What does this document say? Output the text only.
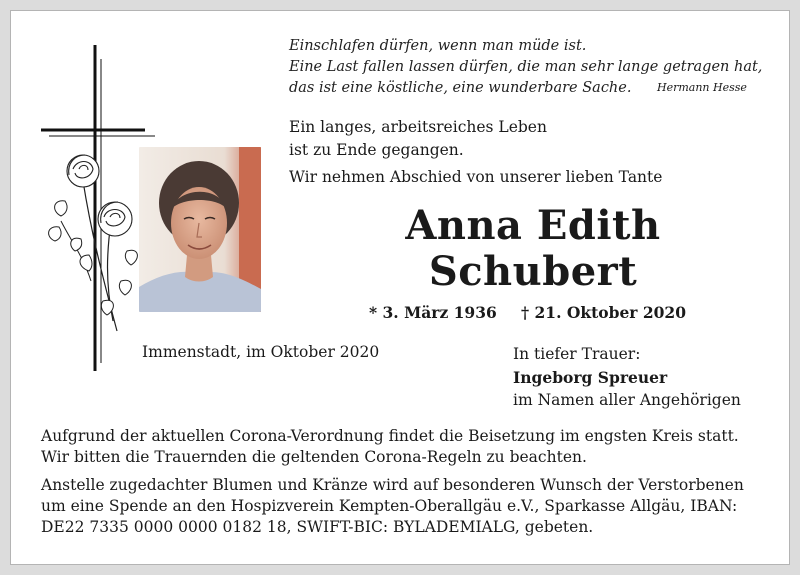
Einschlafen dürfen, wenn man müde ist.
Eine Last fallen lassen dürfen, die man sehr lange getragen hat,
das ist eine köstliche, eine wunderbare Sache. Hermann Hesse
Ein langes, arbeitsreiches Leben
ist zu Ende gegangen.
Wir nehmen Abschied von unserer lieben Tante
Anna Edith
Schubert
* 3. März 1936 † 21. Oktober 2020
Immenstadt, im Oktober 2020	In tiefer Trauer:
Ingeborg Spreuer
im Namen aller Angehörigen

Aufgrund der aktuellen Corona-Verordnung findet die Beisetzung im engsten Kreis statt. Wir bitten die Trauernden die geltenden Corona-Regeln zu beachten.

Anstelle zugedachter Blumen und Kränze wird auf besonderen Wunsch der Verstorbenen um eine Spende an den Hospizverein Kempten-Oberallgäu e.V., Sparkasse Allgäu, IBAN: DE22 7335 0000 0000 0182 18, SWIFT-BIC: BYLADEMIALG, gebeten.
